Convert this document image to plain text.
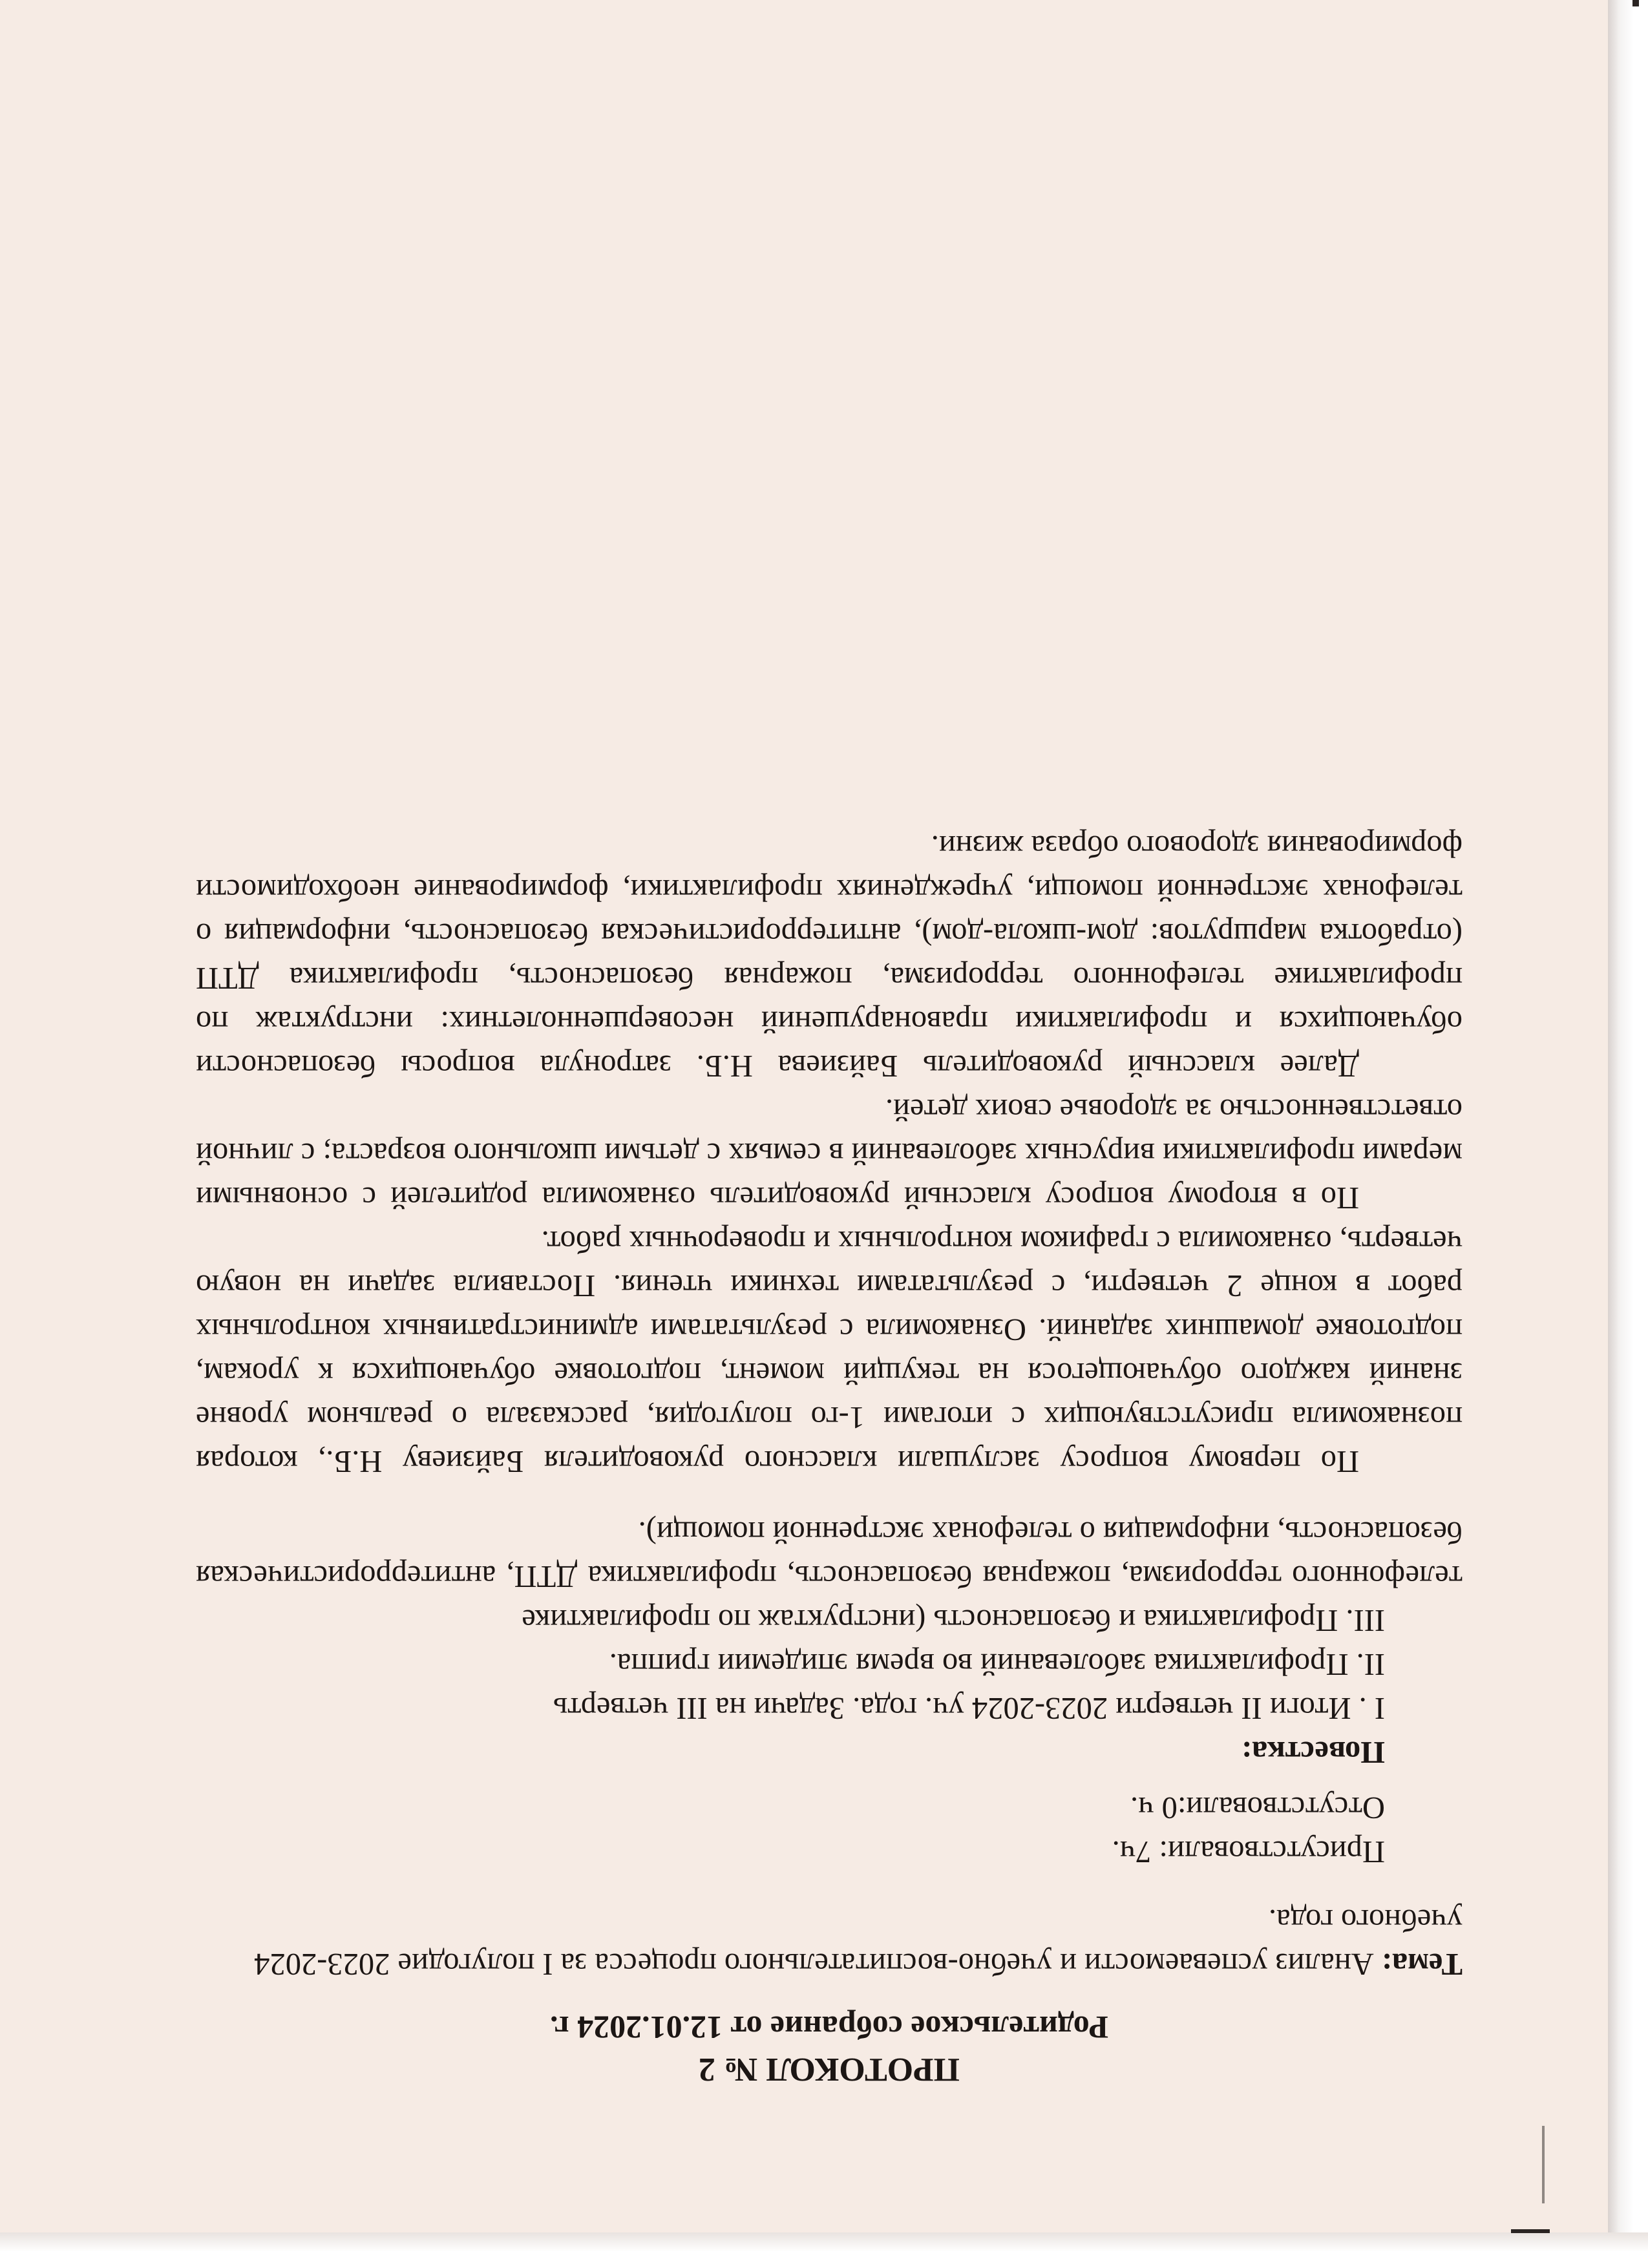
ПРОТОКОЛ № 2

Родительское собрание от 12.01.2024 г.

Тема: Анализ успеваемости и учебно-воспитательного процесса за I полугодие 2023-2024 учебного года.

Присутствовали: 7ч.

Отсутствовали:0 ч.

Повестка:

I . Итоги II четверти 2023-2024 уч. года. Задачи на III четверть

II. Профилактика заболеваний во время эпидемии гриппа.

III. Профилактика и безопасность (инструктаж по профилактике

телефонного терроризма, пожарная безопасность, профилактика ДТП, антитеррористическая безопасность, информация о телефонах экстренной помощи).

По первому вопросу заслушали классного руководителя Байзиеву Н.Б., которая познакомила присутствующих с итогами 1-го полугодия, рассказала о реальном уровне знаний каждого обучающегося на текущий момент, подготовке обучающихся к урокам, подготовке домашних заданий. Ознакомила с результатами административных контрольных работ в конце 2 четверти, с результатами техники чтения. Поставила задачи на новую четверть, ознакомила с графиком контрольных и проверочных работ.

По в второму вопросу классный руководитель ознакомила родителей с основными мерами профилактики вирусных заболеваний в семьях с детьми школьного возраста; с личной ответственностью за здоровье своих детей.

Далее классный руководитель Байзиева Н.Б. затронула вопросы безопасности обучающихся и профилактики правонарушений несовершеннолетних: инструктаж по профилактике телефонного терроризма, пожарная безопасность, профилактика ДТП (отработка маршрутов: дом-школа-дом), антитеррористическая безопасность, информация о телефонах экстренной помощи, учреждениях профилактики, формирование необходимости формирования здорового образа жизни.
